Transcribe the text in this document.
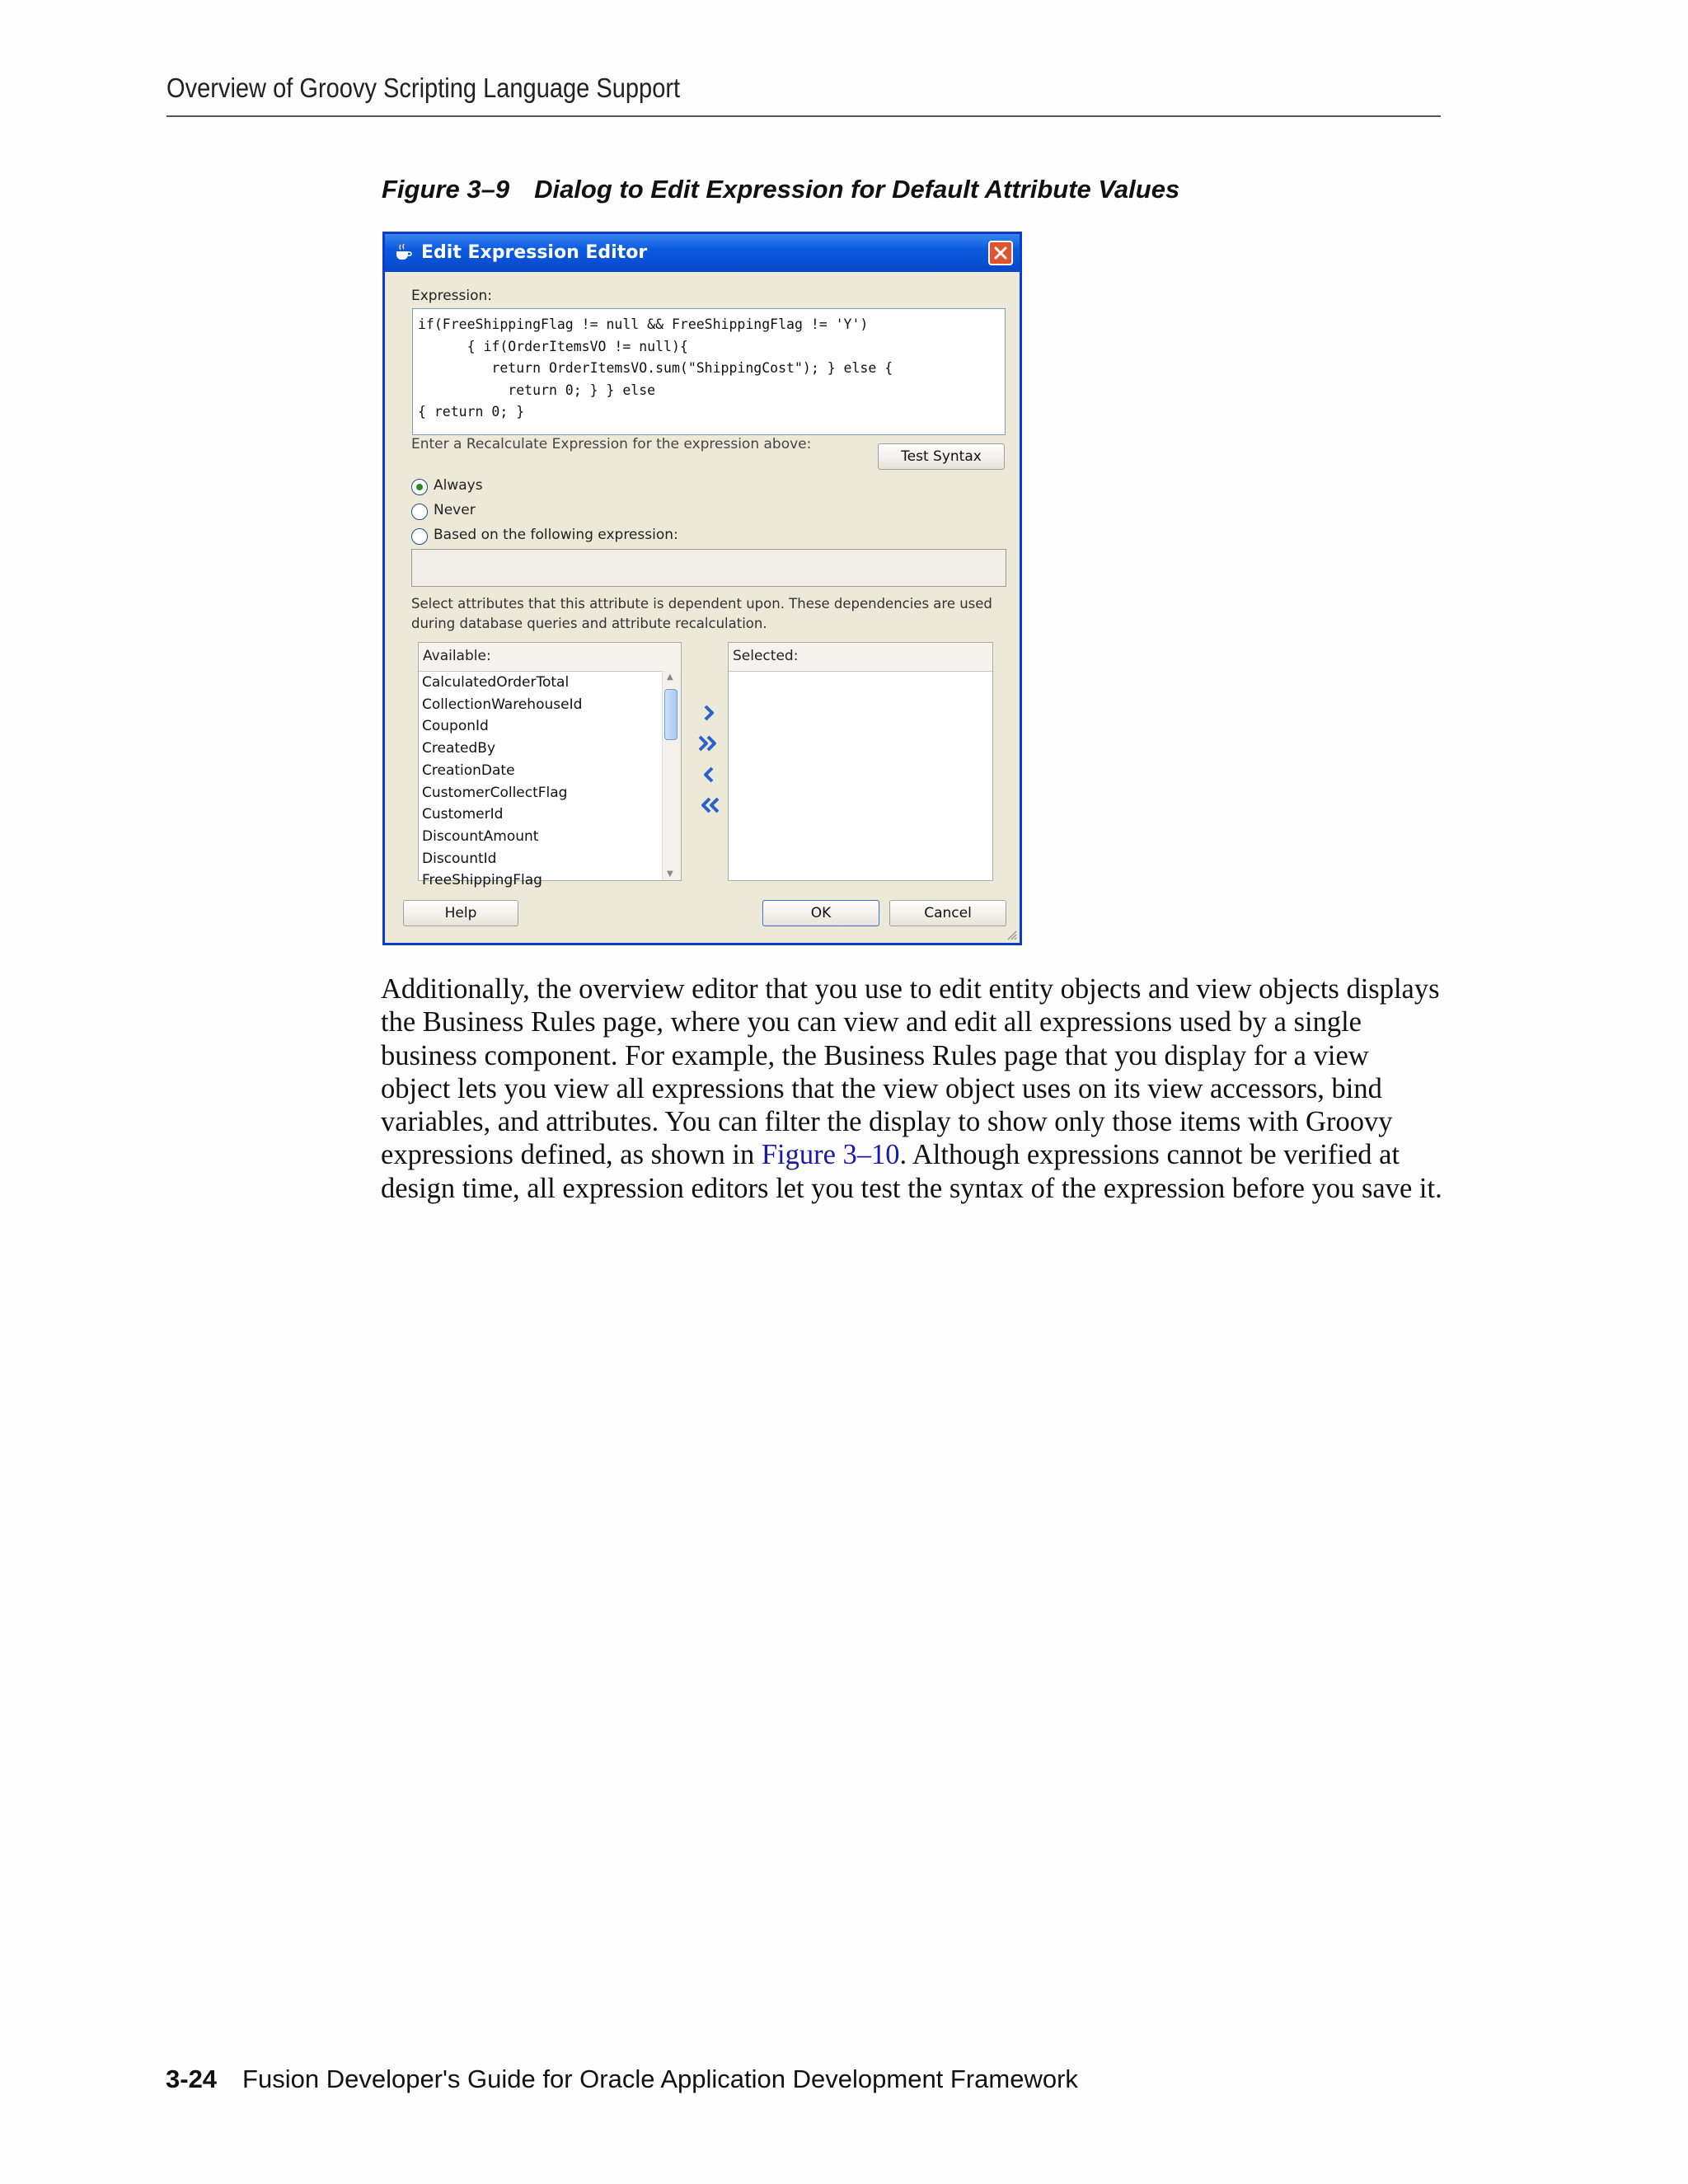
Overview of Groovy Scripting Language Support
Figure 3–9 Dialog to Edit Expression for Default Attribute Values
Edit Expression Editor
Expression:
if(FreeShippingFlag != null && FreeShippingFlag != 'Y')
{ if(OrderItemsVO != null){
return OrderItemsVO.sum("ShippingCost"); } else {
return 0; } } else
{ return 0; }
Enter a Recalculate Expression for the expression above:
Test Syntax
Always
Never
Based on the following expression:
Select attributes that this attribute is dependent upon. These dependencies are used during database queries and attribute recalculation.
Available:
CalculatedOrderTotal
CollectionWarehouseId
CouponId
CreatedBy
CreationDate
CustomerCollectFlag
CustomerId
DiscountAmount
DiscountId
FreeShippingFlag
▲
▼
Selected:
Help	OK	Cancel

Additionally, the overview editor that you use to edit entity objects and view objects displays the Business Rules page, where you can view and edit all expressions used by a single business component. For example, the Business Rules page that you display for a view object lets you view all expressions that the view object uses on its view accessors, bind variables, and attributes. You can filter the display to show only those items with Groovy expressions defined, as shown in Figure 3–10. Although expressions cannot be verified at design time, all expression editors let you test the syntax of the expression before you save it.

3-24 Fusion Developer's Guide for Oracle Application Development Framework
